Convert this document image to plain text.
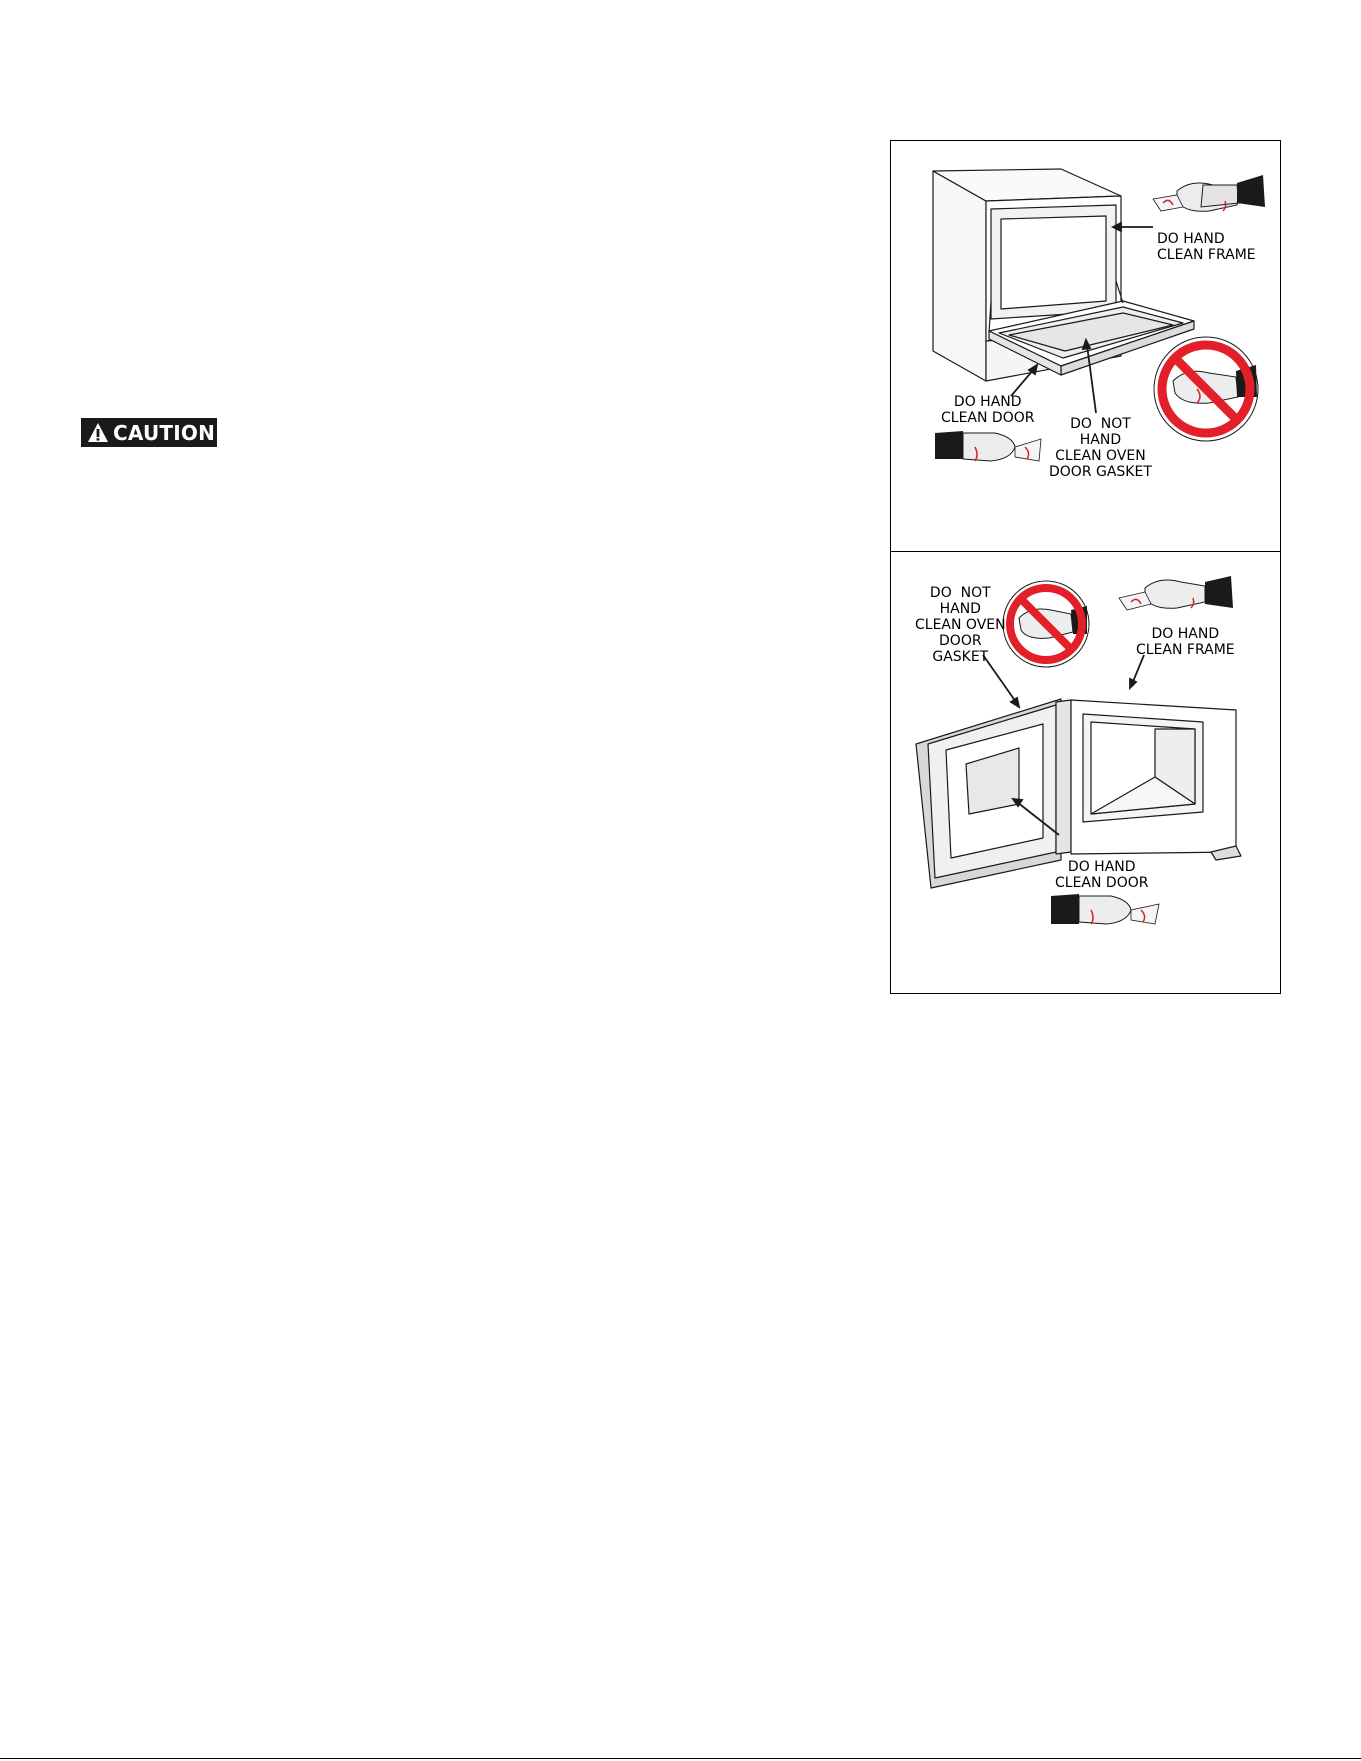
CAUTION
DO HAND
CLEAN FRAME
DO HAND
CLEAN DOOR	DO  NOT
HAND
CLEAN OVEN
DOOR GASKET
DO  NOT
HAND
CLEAN OVEN
DOOR
GASKET
DO HAND
CLEAN FRAME
DO HAND
CLEAN DOOR
